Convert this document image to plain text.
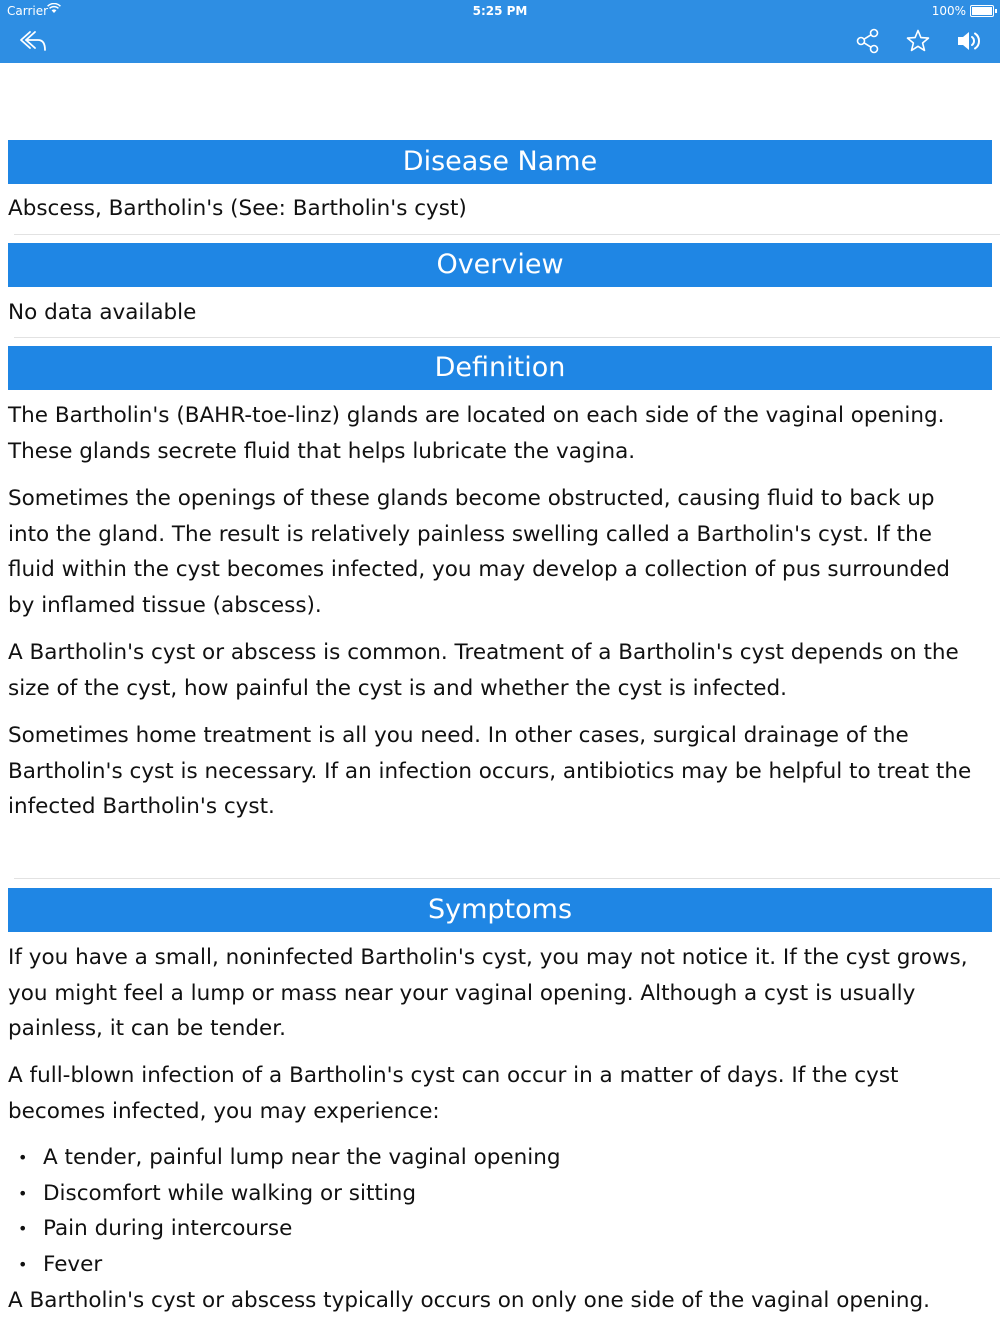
Carrier	5:25 PM	100%
Disease Name

Abscess, Bartholin's (See: Bartholin's cyst)

Overview

No data available

Definition

The Bartholin's (BAHR-toe-linz) glands are located on each side of the vaginal opening.
These glands secrete fluid that helps lubricate the vagina.

Sometimes the openings of these glands become obstructed, causing fluid to back up
into the gland. The result is relatively painless swelling called a Bartholin's cyst. If the
fluid within the cyst becomes infected, you may develop a collection of pus surrounded
by inflamed tissue (abscess).

A Bartholin's cyst or abscess is common. Treatment of a Bartholin's cyst depends on the
size of the cyst, how painful the cyst is and whether the cyst is infected.

Sometimes home treatment is all you need. In other cases, surgical drainage of the
Bartholin's cyst is necessary. If an infection occurs, antibiotics may be helpful to treat the
infected Bartholin's cyst.

Symptoms

If you have a small, noninfected Bartholin's cyst, you may not notice it. If the cyst grows,
you might feel a lump or mass near your vaginal opening. Although a cyst is usually
painless, it can be tender.

A full-blown infection of a Bartholin's cyst can occur in a matter of days. If the cyst
becomes infected, you may experience:

• A tender, painful lump near the vaginal opening
• Discomfort while walking or sitting
• Pain during intercourse
• Fever

A Bartholin's cyst or abscess typically occurs on only one side of the vaginal opening.
